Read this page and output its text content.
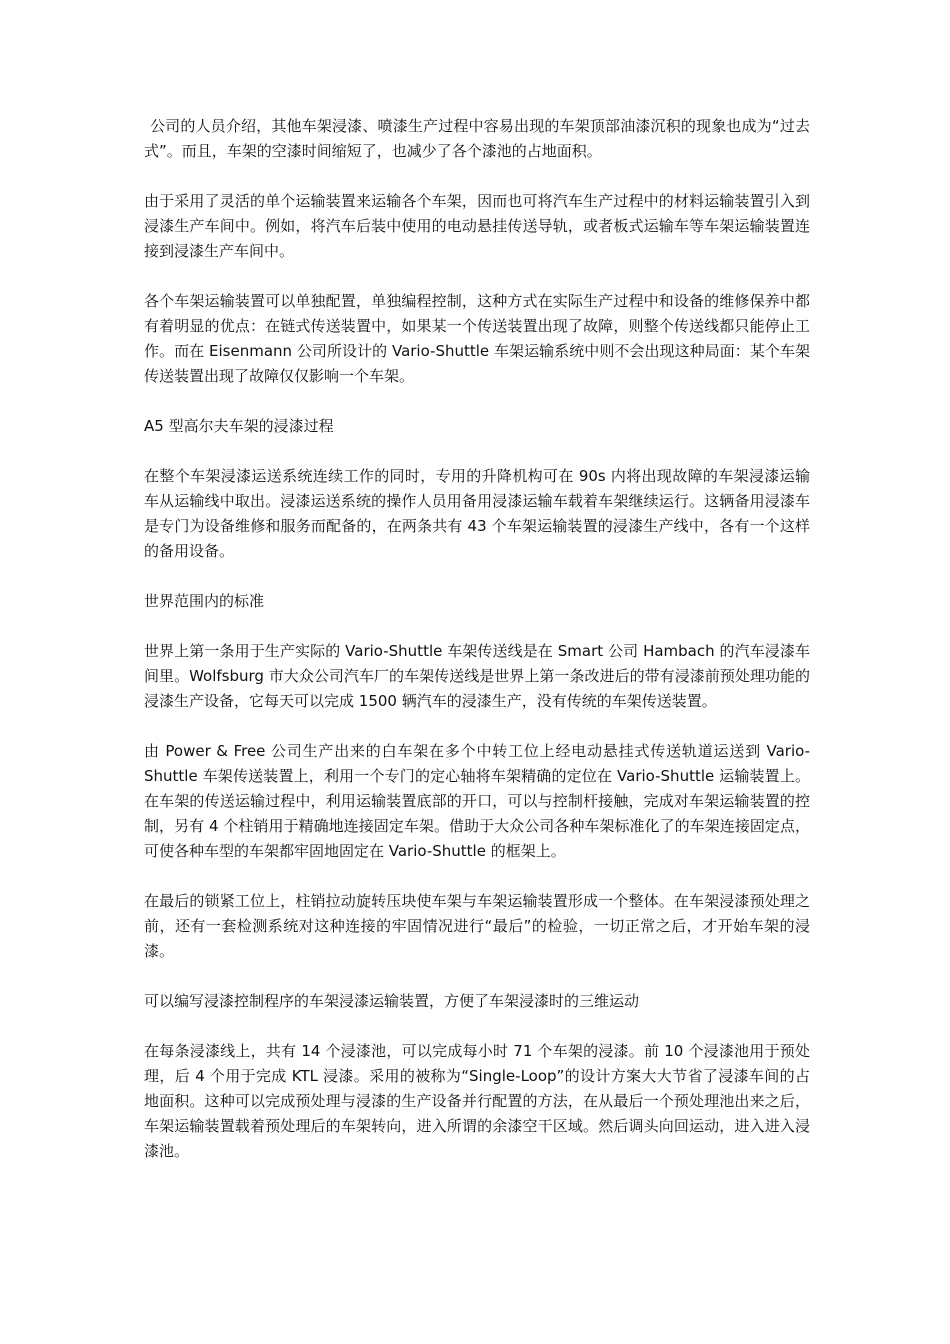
公司的人员介绍，其他车架浸漆、喷漆生产过程中容易出现的车架顶部油漆沉积的现象也成为“过去式”。而且，车架的空漆时间缩短了，也减少了各个漆池的占地面积。

由于采用了灵活的单个运输装置来运输各个车架，因而也可将汽车生产过程中的材料运输装置引入到浸漆生产车间中。例如，将汽车后装中使用的电动悬挂传送导轨，或者板式运输车等车架运输装置连接到浸漆生产车间中。

各个车架运输装置可以单独配置，单独编程控制，这种方式在实际生产过程中和设备的维修保养中都有着明显的优点：在链式传送装置中，如果某一个传送装置出现了故障，则整个传送线都只能停止工作。而在 Eisenmann 公司所设计的 Vario-Shuttle 车架运输系统中则不会出现这种局面：某个车架传送装置出现了故障仅仅影响一个车架。

A5 型高尔夫车架的浸漆过程

在整个车架浸漆运送系统连续工作的同时，专用的升降机构可在 90s 内将出现故障的车架浸漆运输车从运输线中取出。浸漆运送系统的操作人员用备用浸漆运输车载着车架继续运行。这辆备用浸漆车是专门为设备维修和服务而配备的，在两条共有 43 个车架运输装置的浸漆生产线中，各有一个这样的备用设备。

世界范围内的标准

世界上第一条用于生产实际的 Vario-Shuttle 车架传送线是在 Smart 公司 Hambach 的汽车浸漆车间里。Wolfsburg 市大众公司汽车厂的车架传送线是世界上第一条改进后的带有浸漆前预处理功能的浸漆生产设备，它每天可以完成 1500 辆汽车的浸漆生产，没有传统的车架传送装置。

由 Power & Free 公司生产出来的白车架在多个中转工位上经电动悬挂式传送轨道运送到 Vario-Shuttle 车架传送装置上，利用一个专门的定心轴将车架精确的定位在 Vario-Shuttle 运输装置上。在车架的传送运输过程中，利用运输装置底部的开口，可以与控制杆接触，完成对车架运输装置的控制，另有 4 个柱销用于精确地连接固定车架。借助于大众公司各种车架标准化了的车架连接固定点，可使各种车型的车架都牢固地固定在 Vario-Shuttle 的框架上。

在最后的锁紧工位上，柱销拉动旋转压块使车架与车架运输装置形成一个整体。在车架浸漆预处理之前，还有一套检测系统对这种连接的牢固情况进行“最后”的检验，一切正常之后，才开始车架的浸漆。

可以编写浸漆控制程序的车架浸漆运输装置，方便了车架浸漆时的三维运动

在每条浸漆线上，共有 14 个浸漆池，可以完成每小时 71 个车架的浸漆。前 10 个浸漆池用于预处理，后 4 个用于完成 KTL 浸漆。采用的被称为“Single-Loop”的设计方案大大节省了浸漆车间的占地面积。这种可以完成预处理与浸漆的生产设备并行配置的方法，在从最后一个预处理池出来之后，车架运输装置载着预处理后的车架转向，进入所谓的余漆空干区域。然后调头向回运动，进入进入浸漆池。
